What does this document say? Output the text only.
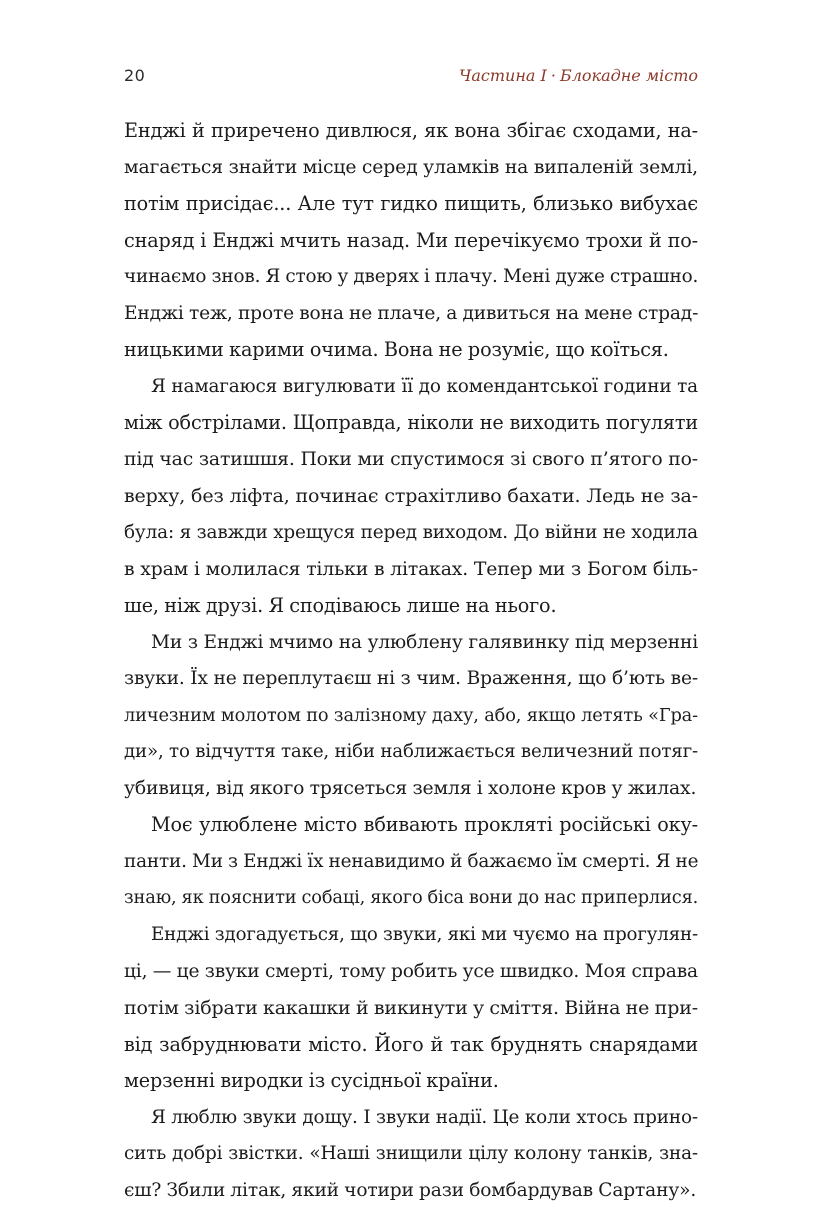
20	Частина I · Блокадне місто
Енджі й приречено дивлюся, як вона збігає сходами, на-
магається знайти місце серед уламків на випаленій землі,
потім присідає... Але тут гидко пищить, близько вибухає
снаряд і Енджі мчить назад. Ми перечікуємо трохи й по-
чинаємо знов. Я стою у дверях і плачу. Мені дуже страшно.
Енджі теж, проте вона не плаче, а дивиться на мене страд-
ницькими карими очима. Вона не розуміє, що коїться.
Я намагаюся вигулювати її до комендантської години та
між обстрілами. Щоправда, ніколи не виходить погуляти
під час затишшя. Поки ми спустимося зі свого п’ятого по-
верху, без ліфта, починає страхітливо бахати. Ледь не за-
була: я завжди хрещуся перед виходом. До війни не ходила
в храм і молилася тільки в літаках. Тепер ми з Богом біль-
ше, ніж друзі. Я сподіваюсь лише на нього.
Ми з Енджі мчимо на улюблену галявинку під мерзенні
звуки. Їх не переплутаєш ні з чим. Враження, що б’ють ве-
личезним молотом по залізному даху, або, якщо летять «Гра-
ди», то відчуття таке, ніби наближається величезний потяг-
убивиця, від якого трясеться земля і холоне кров у жилах.
Моє улюблене місто вбивають прокляті російські оку-
панти. Ми з Енджі їх ненавидимо й бажаємо їм смерті. Я не
знаю, як пояснити собаці, якого біса вони до нас приперлися.
Енджі здогадується, що звуки, які ми чуємо на прогулян-
ці, — це звуки смерті, тому робить усе швидко. Моя справа
потім зібрати какашки й викинути у сміття. Війна не при-
від забруднювати місто. Його й так бруднять снарядами
мерзенні виродки із сусідньої країни.
Я люблю звуки дощу. І звуки надії. Це коли хтось прино-
сить добрі звістки. «Наші знищили цілу колону танків, зна-
єш? Збили літак, який чотири рази бомбардував Сартану».
